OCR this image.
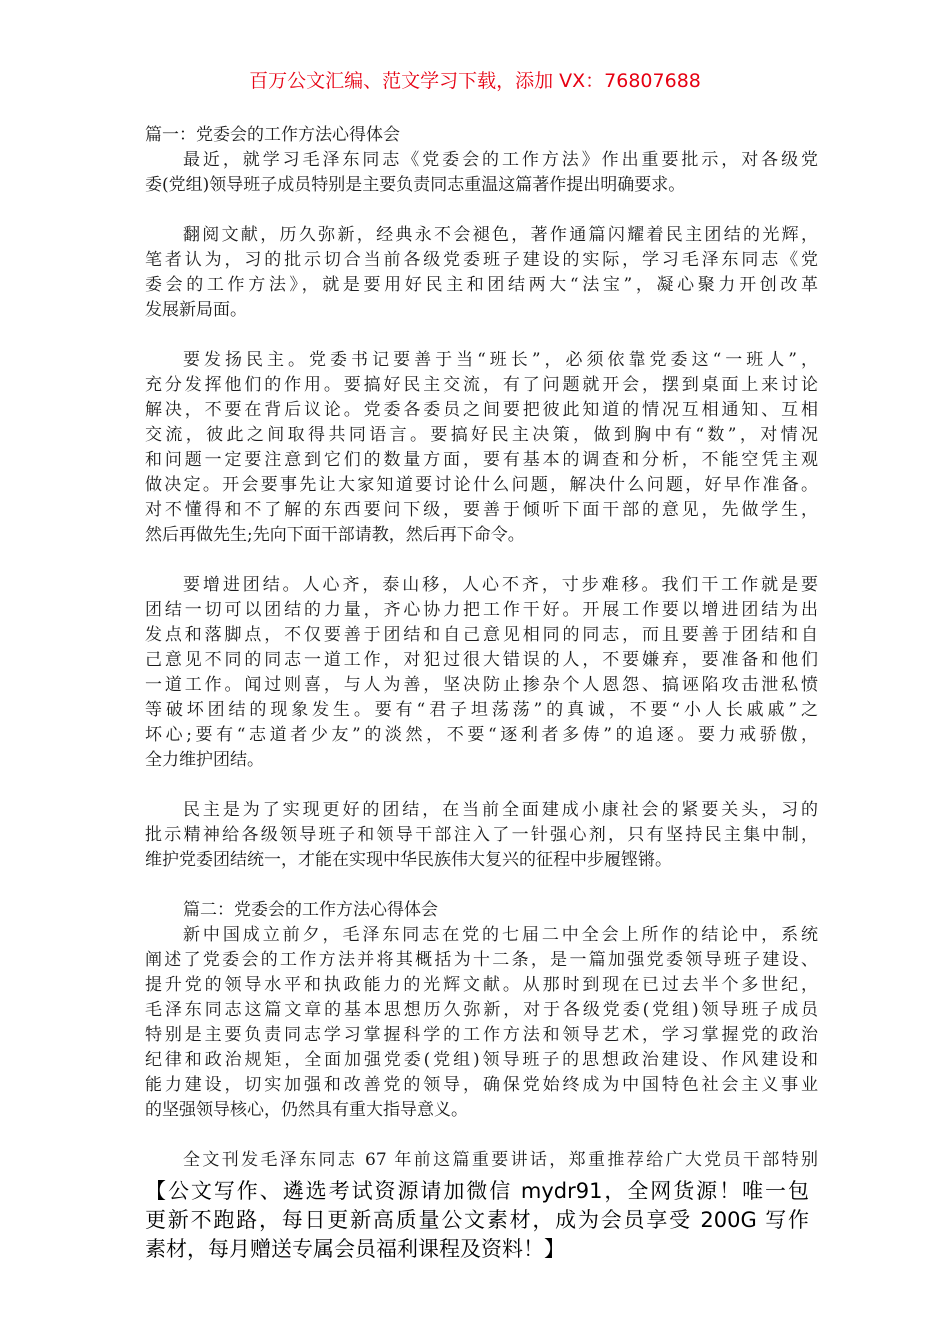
百万公文汇编、范文学习下载，添加 VX：76807688
篇一：党委会的工作方法心得体会
最近，就学习毛泽东同志《党委会的工作方法》作出重要批示，对各级党
委(党组)领导班子成员特别是主要负责同志重温这篇著作提出明确要求。
翻阅文献，历久弥新，经典永不会褪色，著作通篇闪耀着民主团结的光辉，
笔者认为，习的批示切合当前各级党委班子建设的实际，学习毛泽东同志《党
委会的工作方法》，就是要用好民主和团结两大“法宝”，凝心聚力开创改革
发展新局面。
要发扬民主。党委书记要善于当“班长”，必须依靠党委这“一班人”，
充分发挥他们的作用。要搞好民主交流，有了问题就开会，摆到桌面上来讨论
解决，不要在背后议论。党委各委员之间要把彼此知道的情况互相通知、互相
交流，彼此之间取得共同语言。要搞好民主决策，做到胸中有“数”，对情况
和问题一定要注意到它们的数量方面，要有基本的调查和分析，不能空凭主观
做决定。开会要事先让大家知道要讨论什么问题，解决什么问题，好早作准备。
对不懂得和不了解的东西要问下级，要善于倾听下面干部的意见，先做学生，
然后再做先生;先向下面干部请教，然后再下命令。
要增进团结。人心齐，泰山移，人心不齐，寸步难移。我们干工作就是要
团结一切可以团结的力量，齐心协力把工作干好。开展工作要以增进团结为出
发点和落脚点，不仅要善于团结和自己意见相同的同志，而且要善于团结和自
己意见不同的同志一道工作，对犯过很大错误的人，不要嫌弃，要准备和他们
一道工作。闻过则喜，与人为善，坚决防止掺杂个人恩怨、搞诬陷攻击泄私愤
等破坏团结的现象发生。要有“君子坦荡荡”的真诚，不要“小人长戚戚”之
坏心;要有“志道者少友”的淡然，不要“逐利者多俦”的追逐。要力戒骄傲，
全力维护团结。
民主是为了实现更好的团结，在当前全面建成小康社会的紧要关头，习的
批示精神给各级领导班子和领导干部注入了一针强心剂，只有坚持民主集中制，
维护党委团结统一，才能在实现中华民族伟大复兴的征程中步履铿锵。
篇二：党委会的工作方法心得体会
新中国成立前夕，毛泽东同志在党的七届二中全会上所作的结论中，系统
阐述了党委会的工作方法并将其概括为十二条，是一篇加强党委领导班子建设、
提升党的领导水平和执政能力的光辉文献。从那时到现在已过去半个多世纪，
毛泽东同志这篇文章的基本思想历久弥新，对于各级党委(党组)领导班子成员
特别是主要负责同志学习掌握科学的工作方法和领导艺术，学习掌握党的政治
纪律和政治规矩，全面加强党委(党组)领导班子的思想政治建设、作风建设和
能力建设，切实加强和改善党的领导，确保党始终成为中国特色社会主义事业
的坚强领导核心，仍然具有重大指导意义。
全文刊发毛泽东同志 67 年前这篇重要讲话，郑重推荐给广大党员干部特别
【公文写作、遴选考试资源请加微信 mydr91，全网货源！唯一包
更新不跑路，每日更新高质量公文素材，成为会员享受 200G 写作
素材，每月赠送专属会员福利课程及资料！】
